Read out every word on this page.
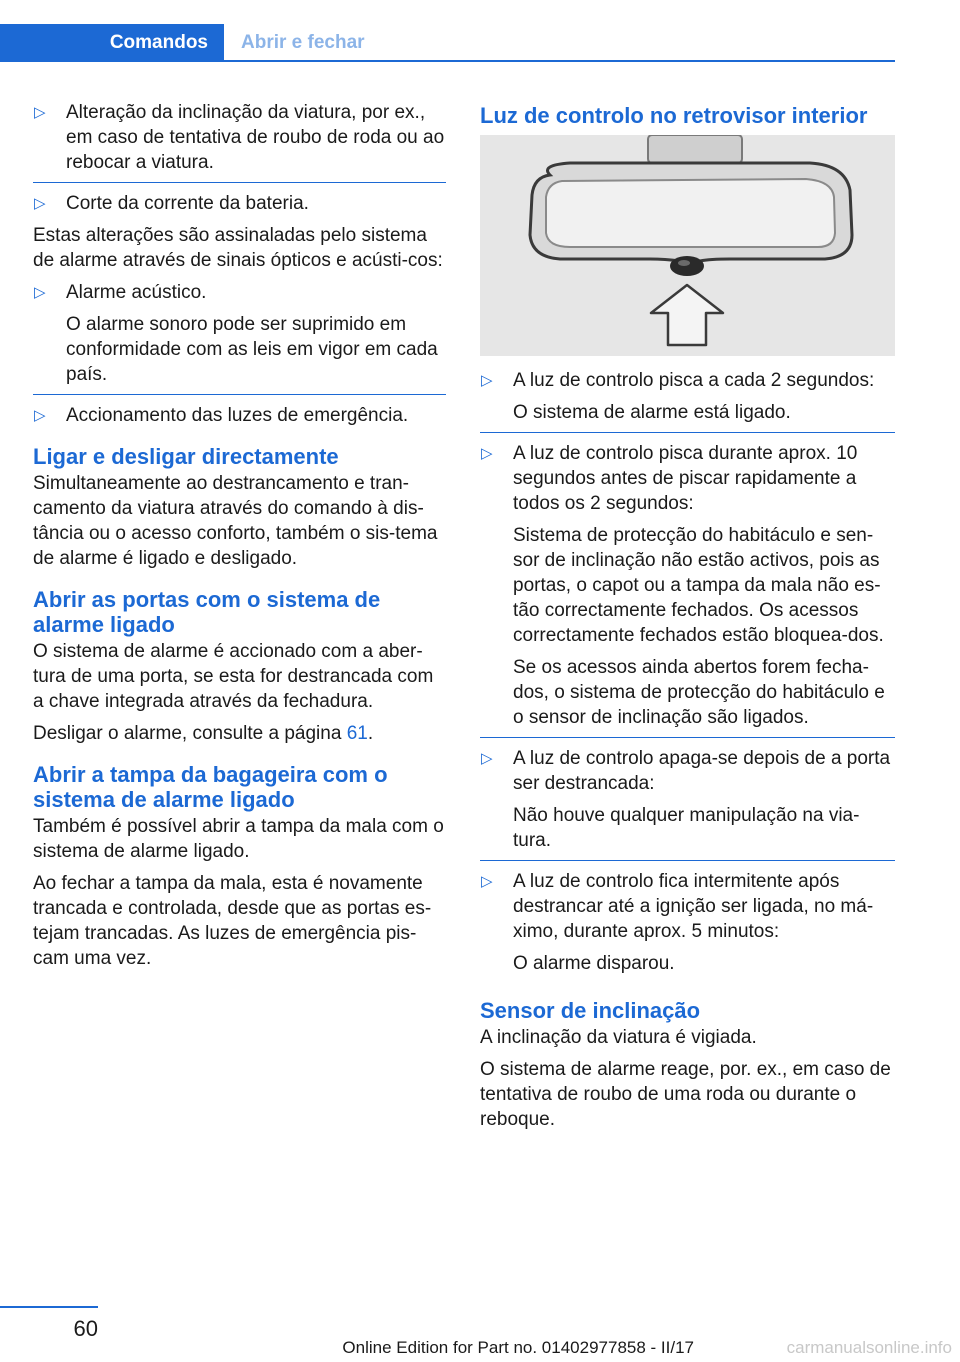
Comandos	Abrir e fechar
▷ Alteração da inclinação da viatura, por ex., em caso de tentativa de roubo de roda ou ao rebocar a viatura.

▷ Corte da corrente da bateria.

Estas alterações são assinaladas pelo sistema de alarme através de sinais ópticos e acústi‐cos:

▷ Alarme acústico.

O alarme sonoro pode ser suprimido em conformidade com as leis em vigor em cada país.

▷ Accionamento das luzes de emergência.

Ligar e desligar directamente

Simultaneamente ao destrancamento e tran‐camento da viatura através do comando à dis‐tância ou o acesso conforto, também o sis‐tema de alarme é ligado e desligado.

Abrir as portas com o sistema de alarme ligado

O sistema de alarme é accionado com a aber‐tura de uma porta, se esta for destrancada com a chave integrada através da fechadura.

Desligar o alarme, consulte a página 61.

Abrir a tampa da bagageira com o sistema de alarme ligado

Também é possível abrir a tampa da mala com o sistema de alarme ligado.

Ao fechar a tampa da mala, esta é novamente trancada e controlada, desde que as portas es‐tejam trancadas. As luzes de emergência pis‐cam uma vez.

Luz de controlo no retrovisor interior
▷ A luz de controlo pisca a cada 2 segundos:

O sistema de alarme está ligado.

▷ A luz de controlo pisca durante aprox. 10 segundos antes de piscar rapidamente a todos os 2 segundos:

Sistema de protecção do habitáculo e sen‐sor de inclinação não estão activos, pois as portas, o capot ou a tampa da mala não es‐tão correctamente fechados. Os acessos correctamente fechados estão bloquea‐dos.

Se os acessos ainda abertos forem fecha‐dos, o sistema de protecção do habitáculo e o sensor de inclinação são ligados.

▷ A luz de controlo apaga-se depois de a porta ser destrancada:

Não houve qualquer manipulação na via‐tura.

▷ A luz de controlo fica intermitente após destrancar até a ignição ser ligada, no má‐ximo, durante aprox. 5 minutos:

O alarme disparou.

Sensor de inclinação

A inclinação da viatura é vigiada.

O sistema de alarme reage, por. ex., em caso de tentativa de roubo de uma roda ou durante o reboque.

60
Online Edition for Part no. 01402977858 - II/17	carmanualsonline.info
